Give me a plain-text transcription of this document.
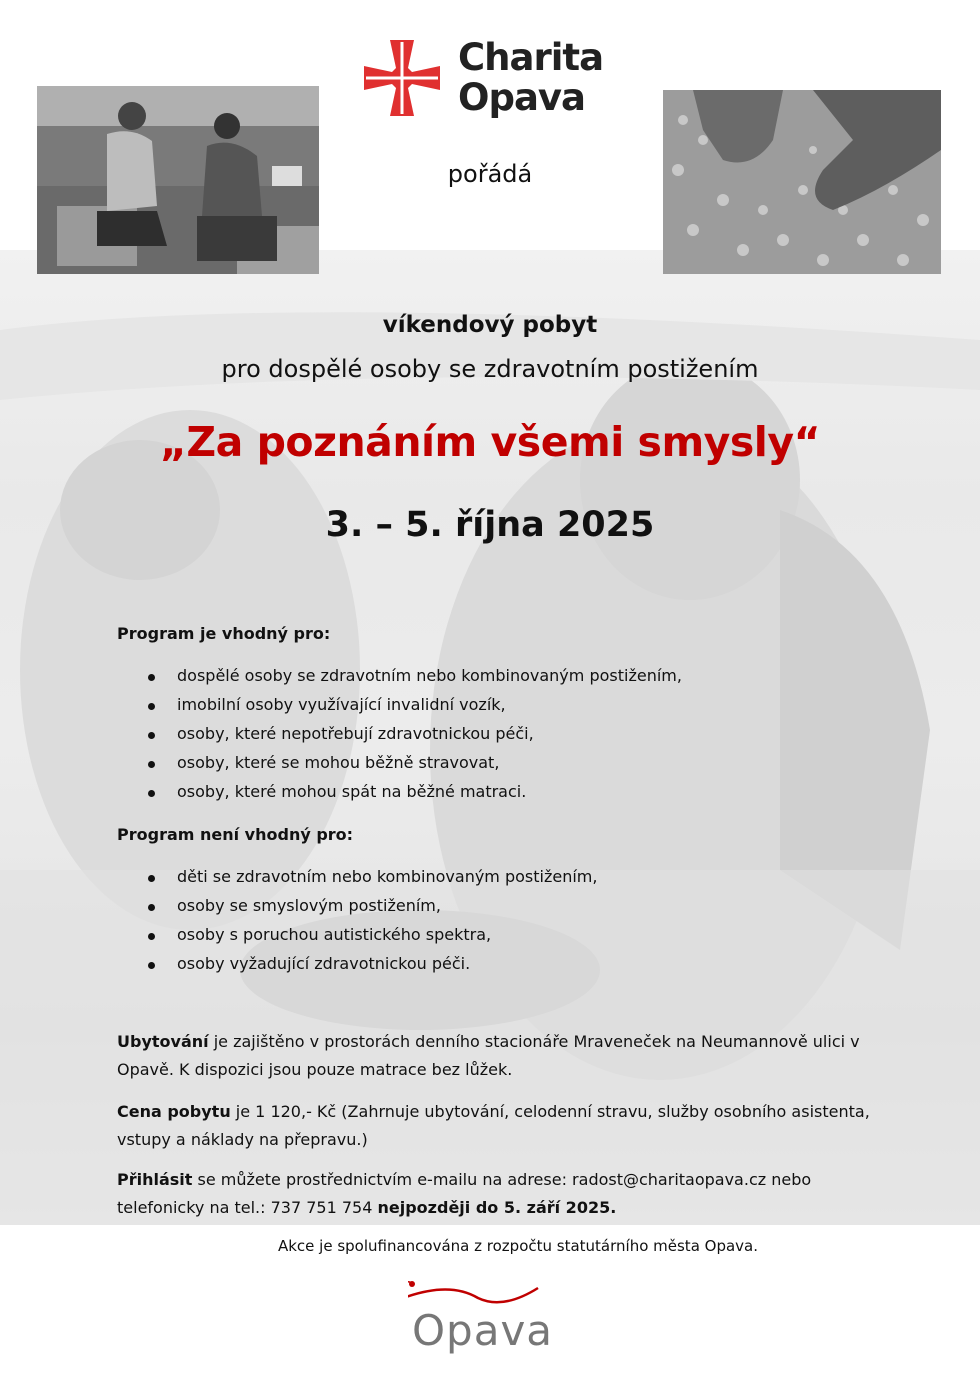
Charita
Opava
pořádá
víkendový pobyt
pro dospělé osoby se zdravotním postižením
„Za poznáním všemi smysly“
3. – 5. října 2025
Program je vhodný pro:
dospělé osoby se zdravotním nebo kombinovaným postižením,
imobilní osoby využívající invalidní vozík,
osoby, které nepotřebují zdravotnickou péči,
osoby, které se mohou běžně stravovat,
osoby, které mohou spát na běžné matraci.
Program není vhodný pro:
děti se zdravotním nebo kombinovaným postižením,
osoby se smyslovým postižením,
osoby s poruchou autistického spektra,
osoby vyžadující zdravotnickou péči.

Ubytování je zajištěno v prostorách denního stacionáře Mraveneček na Neumannově ulici v Opavě. K dispozici jsou pouze matrace bez lůžek.

Cena pobytu je 1 120,- Kč (Zahrnuje ubytování, celodenní stravu, služby osobního asistenta, vstupy a náklady na přepravu.)

Přihlásit se můžete prostřednictvím e-mailu na adrese: radost@charitaopava.cz nebo telefonicky na tel.: 737 751 754 nejpozději do 5. září 2025.

Akce je spolufinancována z rozpočtu statutárního města Opava.
Opava
